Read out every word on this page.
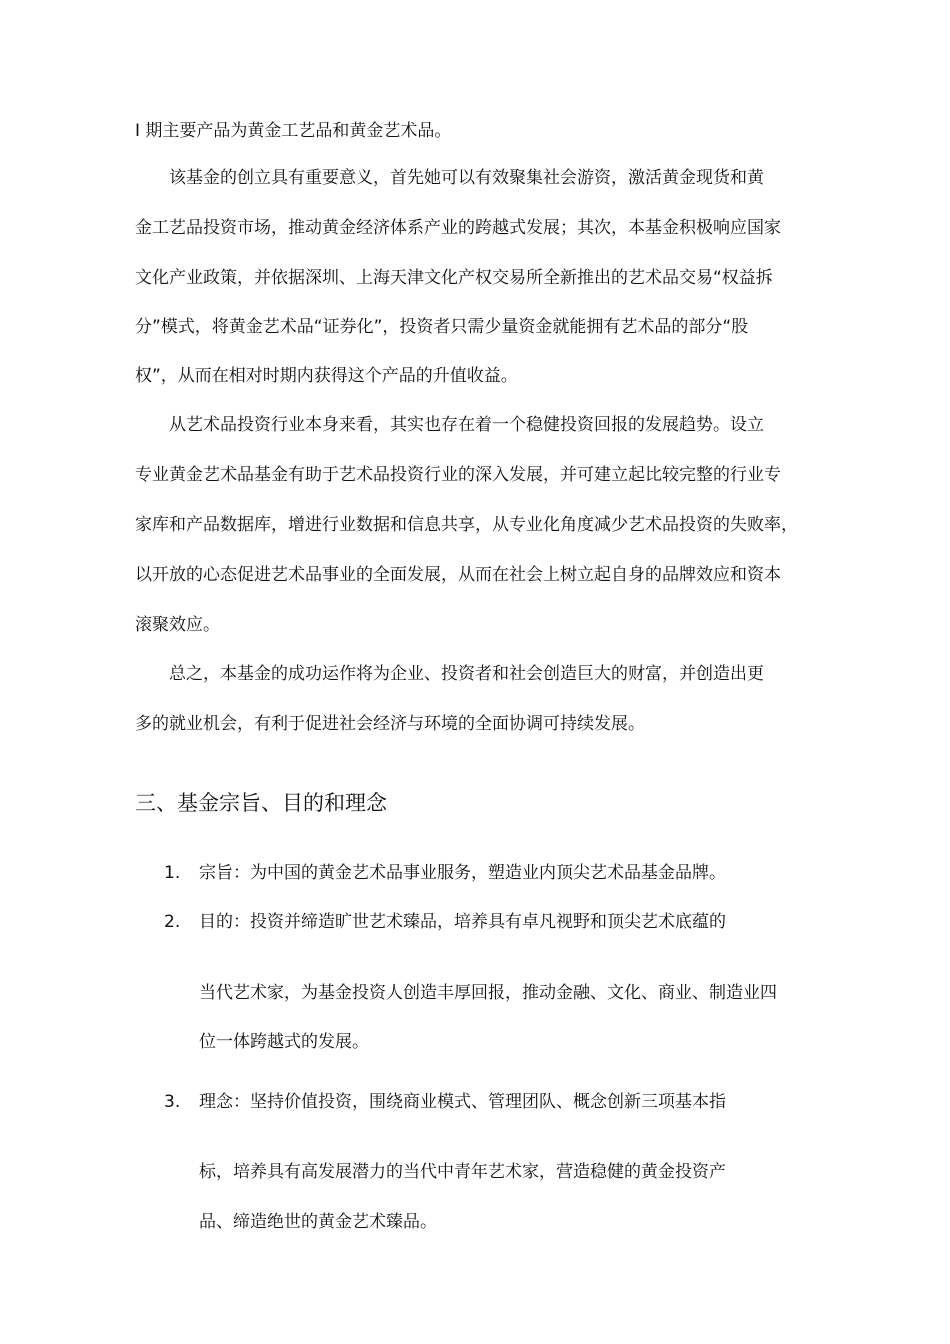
I 期主要产品为黄金工艺品和黄金艺术品。
　　该基金的创立具有重要意义，首先她可以有效聚集社会游资，激活黄金现货和黄
金工艺品投资市场，推动黄金经济体系产业的跨越式发展；其次，本基金积极响应国家
文化产业政策，并依据深圳、上海天津文化产权交易所全新推出的艺术品交易“权益拆
分”模式，将黄金艺术品“证券化”，投资者只需少量资金就能拥有艺术品的部分“股
权”，从而在相对时期内获得这个产品的升值收益。
　　从艺术品投资行业本身来看，其实也存在着一个稳健投资回报的发展趋势。设立
专业黄金艺术品基金有助于艺术品投资行业的深入发展，并可建立起比较完整的行业专
家库和产品数据库，增进行业数据和信息共享，从专业化角度减少艺术品投资的失败率，
以开放的心态促进艺术品事业的全面发展，从而在社会上树立起自身的品牌效应和资本
滚聚效应。
　　总之，本基金的成功运作将为企业、投资者和社会创造巨大的财富，并创造出更
多的就业机会，有利于促进社会经济与环境的全面协调可持续发展。
三、基金宗旨、目的和理念
1. 宗旨：为中国的黄金艺术品事业服务，塑造业内顶尖艺术品基金品牌。
2. 目的：投资并缔造旷世艺术臻品，培养具有卓凡视野和顶尖艺术底蕴的
当代艺术家，为基金投资人创造丰厚回报，推动金融、文化、商业、制造业四
位一体跨越式的发展。
3. 理念：坚持价值投资，围绕商业模式、管理团队、概念创新三项基本指
标，培养具有高发展潜力的当代中青年艺术家，营造稳健的黄金投资产
品、缔造绝世的黄金艺术臻品。
